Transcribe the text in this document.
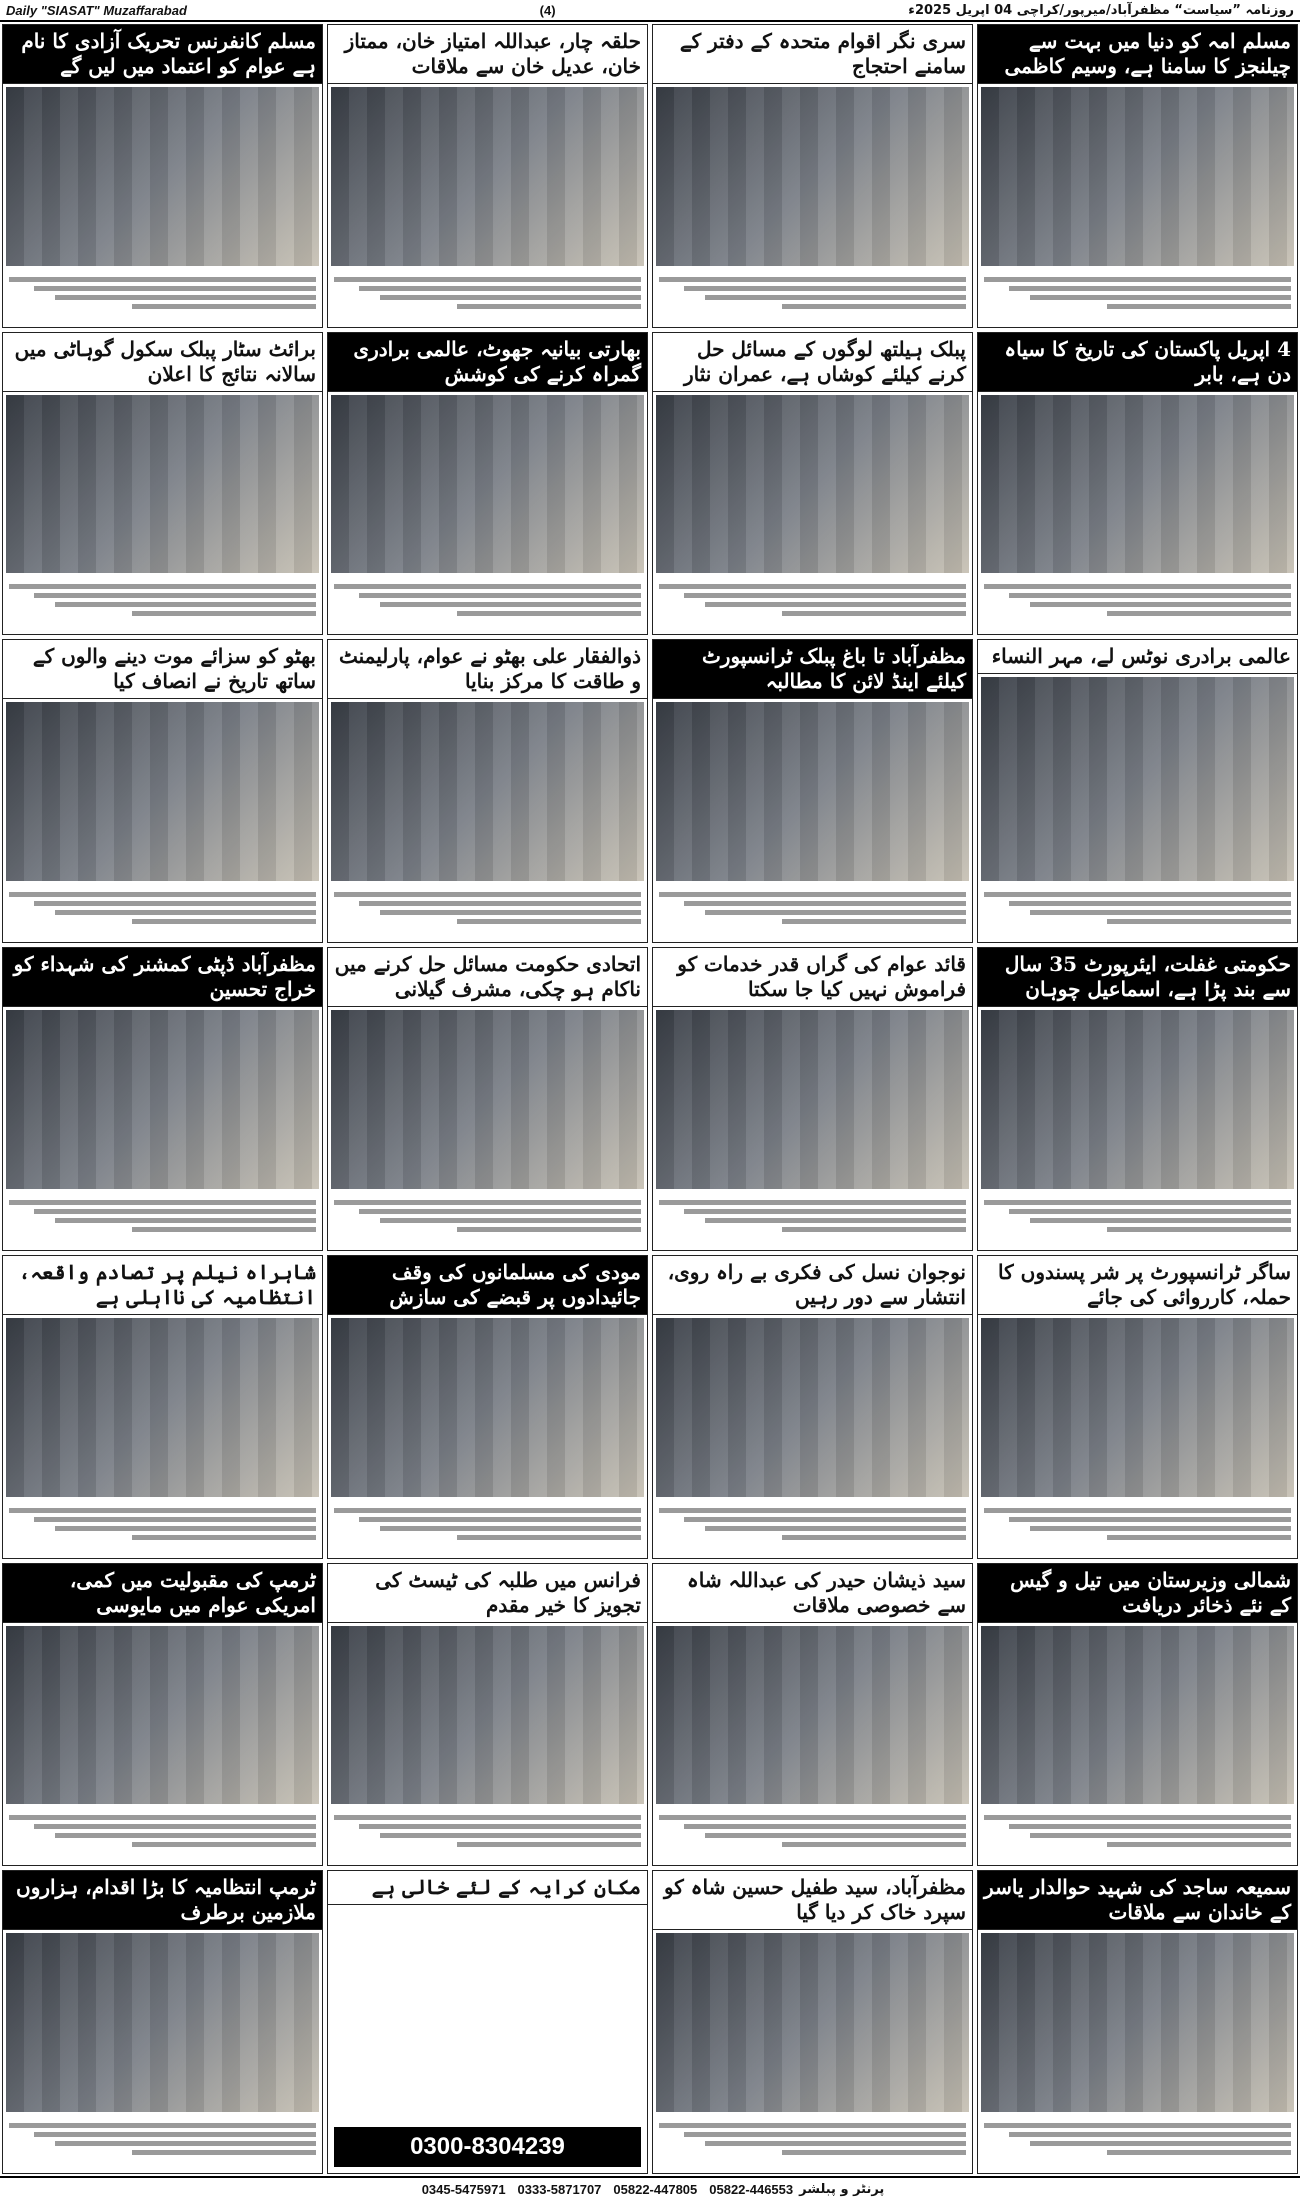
Daily "SIASAT" Muzaffarabad	(4)	روزنامہ ”سیاست“ مظفرآباد/میرپور/کراچی 04 اپریل 2025ء
مسلم کانفرنس تحریک آزادی کا نام ہے عوام کو اعتماد میں لیں گے
حلقہ چار، عبداللہ امتیاز خان، ممتاز خان، عدیل خان سے ملاقات
سری نگر اقوام متحدہ کے دفتر کے سامنے احتجاج
مسلم امہ کو دنیا میں بہت سے چیلنجز کا سامنا ہے، وسیم کاظمی
برائٹ سٹار پبلک سکول گوہاٹی میں سالانہ نتائج کا اعلان
بھارتی بیانیہ جھوٹ، عالمی برادری گمراہ کرنے کی کوشش
پبلک ہیلتھ لوگوں کے مسائل حل کرنے کیلئے کوشاں ہے، عمران نثار
4 اپریل پاکستان کی تاریخ کا سیاہ دن ہے، بابر
بھٹو کو سزائے موت دینے والوں کے ساتھ تاریخ نے انصاف کیا
ذوالفقار علی بھٹو نے عوام، پارلیمنٹ و طاقت کا مرکز بنایا
مظفرآباد تا باغ پبلک ٹرانسپورٹ کیلئے اینڈ لائن کا مطالبہ
عالمی برادری نوٹس لے، مہر النساء
مظفرآباد ڈپٹی کمشنر کی شہداء کو خراج تحسین
اتحادی حکومت مسائل حل کرنے میں ناکام ہو چکی، مشرف گیلانی
قائد عوام کی گراں قدر خدمات کو فراموش نہیں کیا جا سکتا
حکومتی غفلت، ایئرپورٹ 35 سال سے بند پڑا ہے، اسماعیل چوہان
شاہراہ نیلم پر تصادم واقعہ، انتظامیہ کی نااہلی ہے
مودی کی مسلمانوں کی وقف جائیدادوں پر قبضے کی سازش
نوجوان نسل کی فکری بے راہ روی، انتشار سے دور رہیں
ساگر ٹرانسپورٹ پر شر پسندوں کا حملہ، کارروائی کی جائے
ٹرمپ کی مقبولیت میں کمی، امریکی عوام میں مایوسی
فرانس میں طلبہ کی ٹیسٹ کی تجویز کا خیر مقدم
سید ذیشان حیدر کی عبداللہ شاہ سے خصوصی ملاقات
شمالی وزیرستان میں تیل و گیس کے نئے ذخائر دریافت
ٹرمپ انتظامیہ کا بڑا اقدام، ہزاروں ملازمین برطرف
مکان کرایہ کے لئے خالی ہے
0300-8304239
مظفرآباد، سید طفیل حسین شاہ کو سپرد خاک کر دیا گیا
سمیعہ ساجد کی شہید حوالدار یاسر کے خاندان سے ملاقات
پرنٹر و پبلشر
05822-446553
05822-447805
0333-5871707
0345-5475971
